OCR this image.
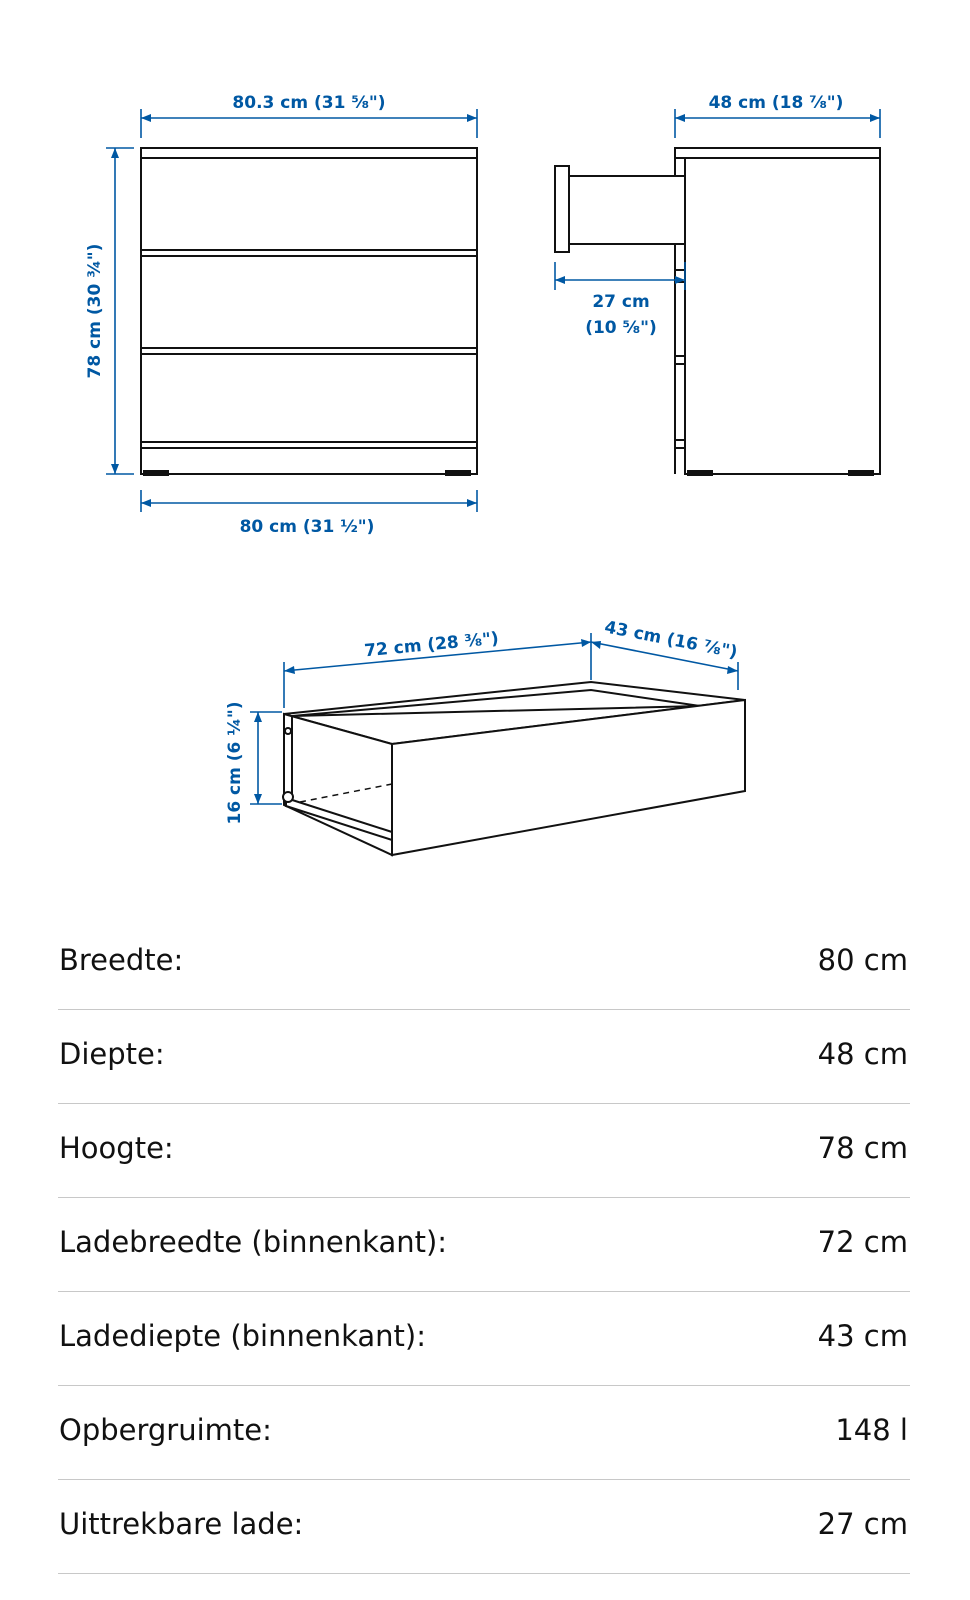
80.3 cm (31 ⅝")
78 cm (30 ¾")
80 cm (31 ½")
48 cm (18 ⅞")
27 cm
(10 ⅝")
72 cm (28 ⅜")	43 cm (16 ⅞")
16 cm (6 ¼")
Breedte:	80 cm
Diepte:	48 cm
Hoogte:	78 cm
Ladebreedte (binnenkant):	72 cm
Ladediepte (binnenkant):	43 cm
Opbergruimte:	148 l
Uittrekbare lade:	27 cm
